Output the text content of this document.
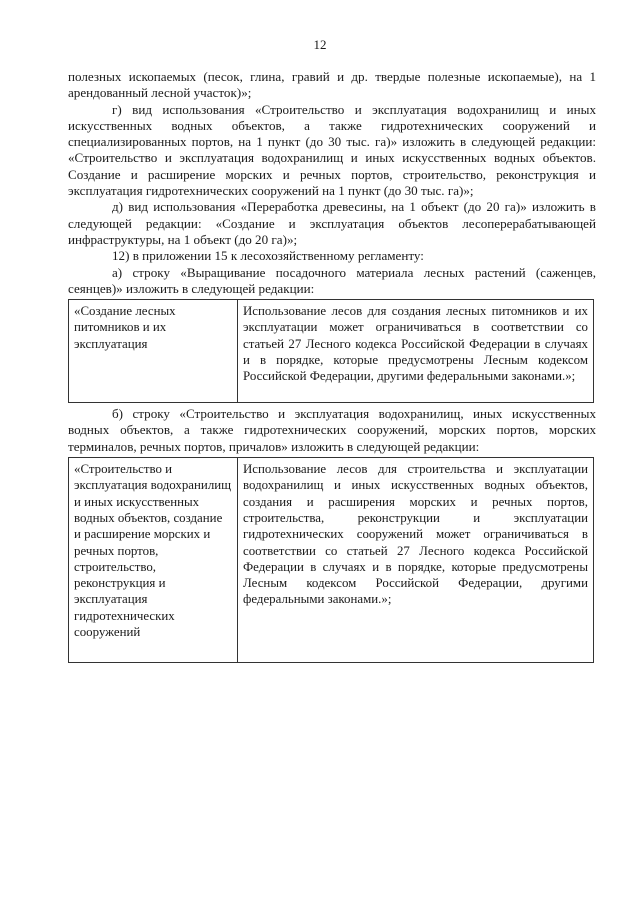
12

полезных ископаемых (песок, глина, гравий и др. твердые полезные ископаемые), на 1 арендованный лесной участок)»;

г) вид использования «Строительство и эксплуатация водохранилищ и иных искусственных водных объектов, а также гидротехнических сооружений и специализированных портов, на 1 пункт (до 30 тыс. га)» изложить в следующей редакции: «Строительство и эксплуатация водохранилищ и иных искусственных водных объектов. Создание и расширение морских и речных портов, строительство, реконструкция и эксплуатация гидротехнических сооружений на 1 пункт (до 30 тыс. га)»;

д) вид использования «Переработка древесины, на 1 объект (до 20 га)» изложить в следующей редакции: «Создание и эксплуатация объектов лесоперерабатывающей инфраструктуры, на 1 объект (до 20 га)»;

12) в приложении 15 к лесохозяйственному регламенту:

а) строку «Выращивание посадочного материала лесных растений (саженцев, сеянцев)» изложить в следующей редакции:

«Создание лесных питомников и их эксплуатация	Использование лесов для создания лесных питомников и их эксплуатации может ограничиваться в соответствии со статьей 27 Лесного кодекса Российской Федерации в случаях и в порядке, которые предусмотрены Лесным кодексом Российской Федерации, другими федеральными законами.»;

б) строку «Строительство и эксплуатация водохранилищ, иных искусственных водных объектов, а также гидротехнических сооружений, морских портов, морских терминалов, речных портов, причалов» изложить в следующей редакции:

«Строительство и эксплуатация водохранилищ и иных искусственных водных объектов, создание и расширение морских и речных портов, строительство, реконструкция и эксплуатация гидротехнических сооружений	Использование лесов для строительства и эксплуатации водохранилищ и иных искусственных водных объектов, создания и расширения морских и речных портов, строительства, реконструкции и эксплуатации гидротехнических сооружений может ограничиваться в соответствии со статьей 27 Лесного кодекса Российской Федерации в случаях и в порядке, которые предусмотрены Лесным кодексом Российской Федерации, другими федеральными законами.»;
